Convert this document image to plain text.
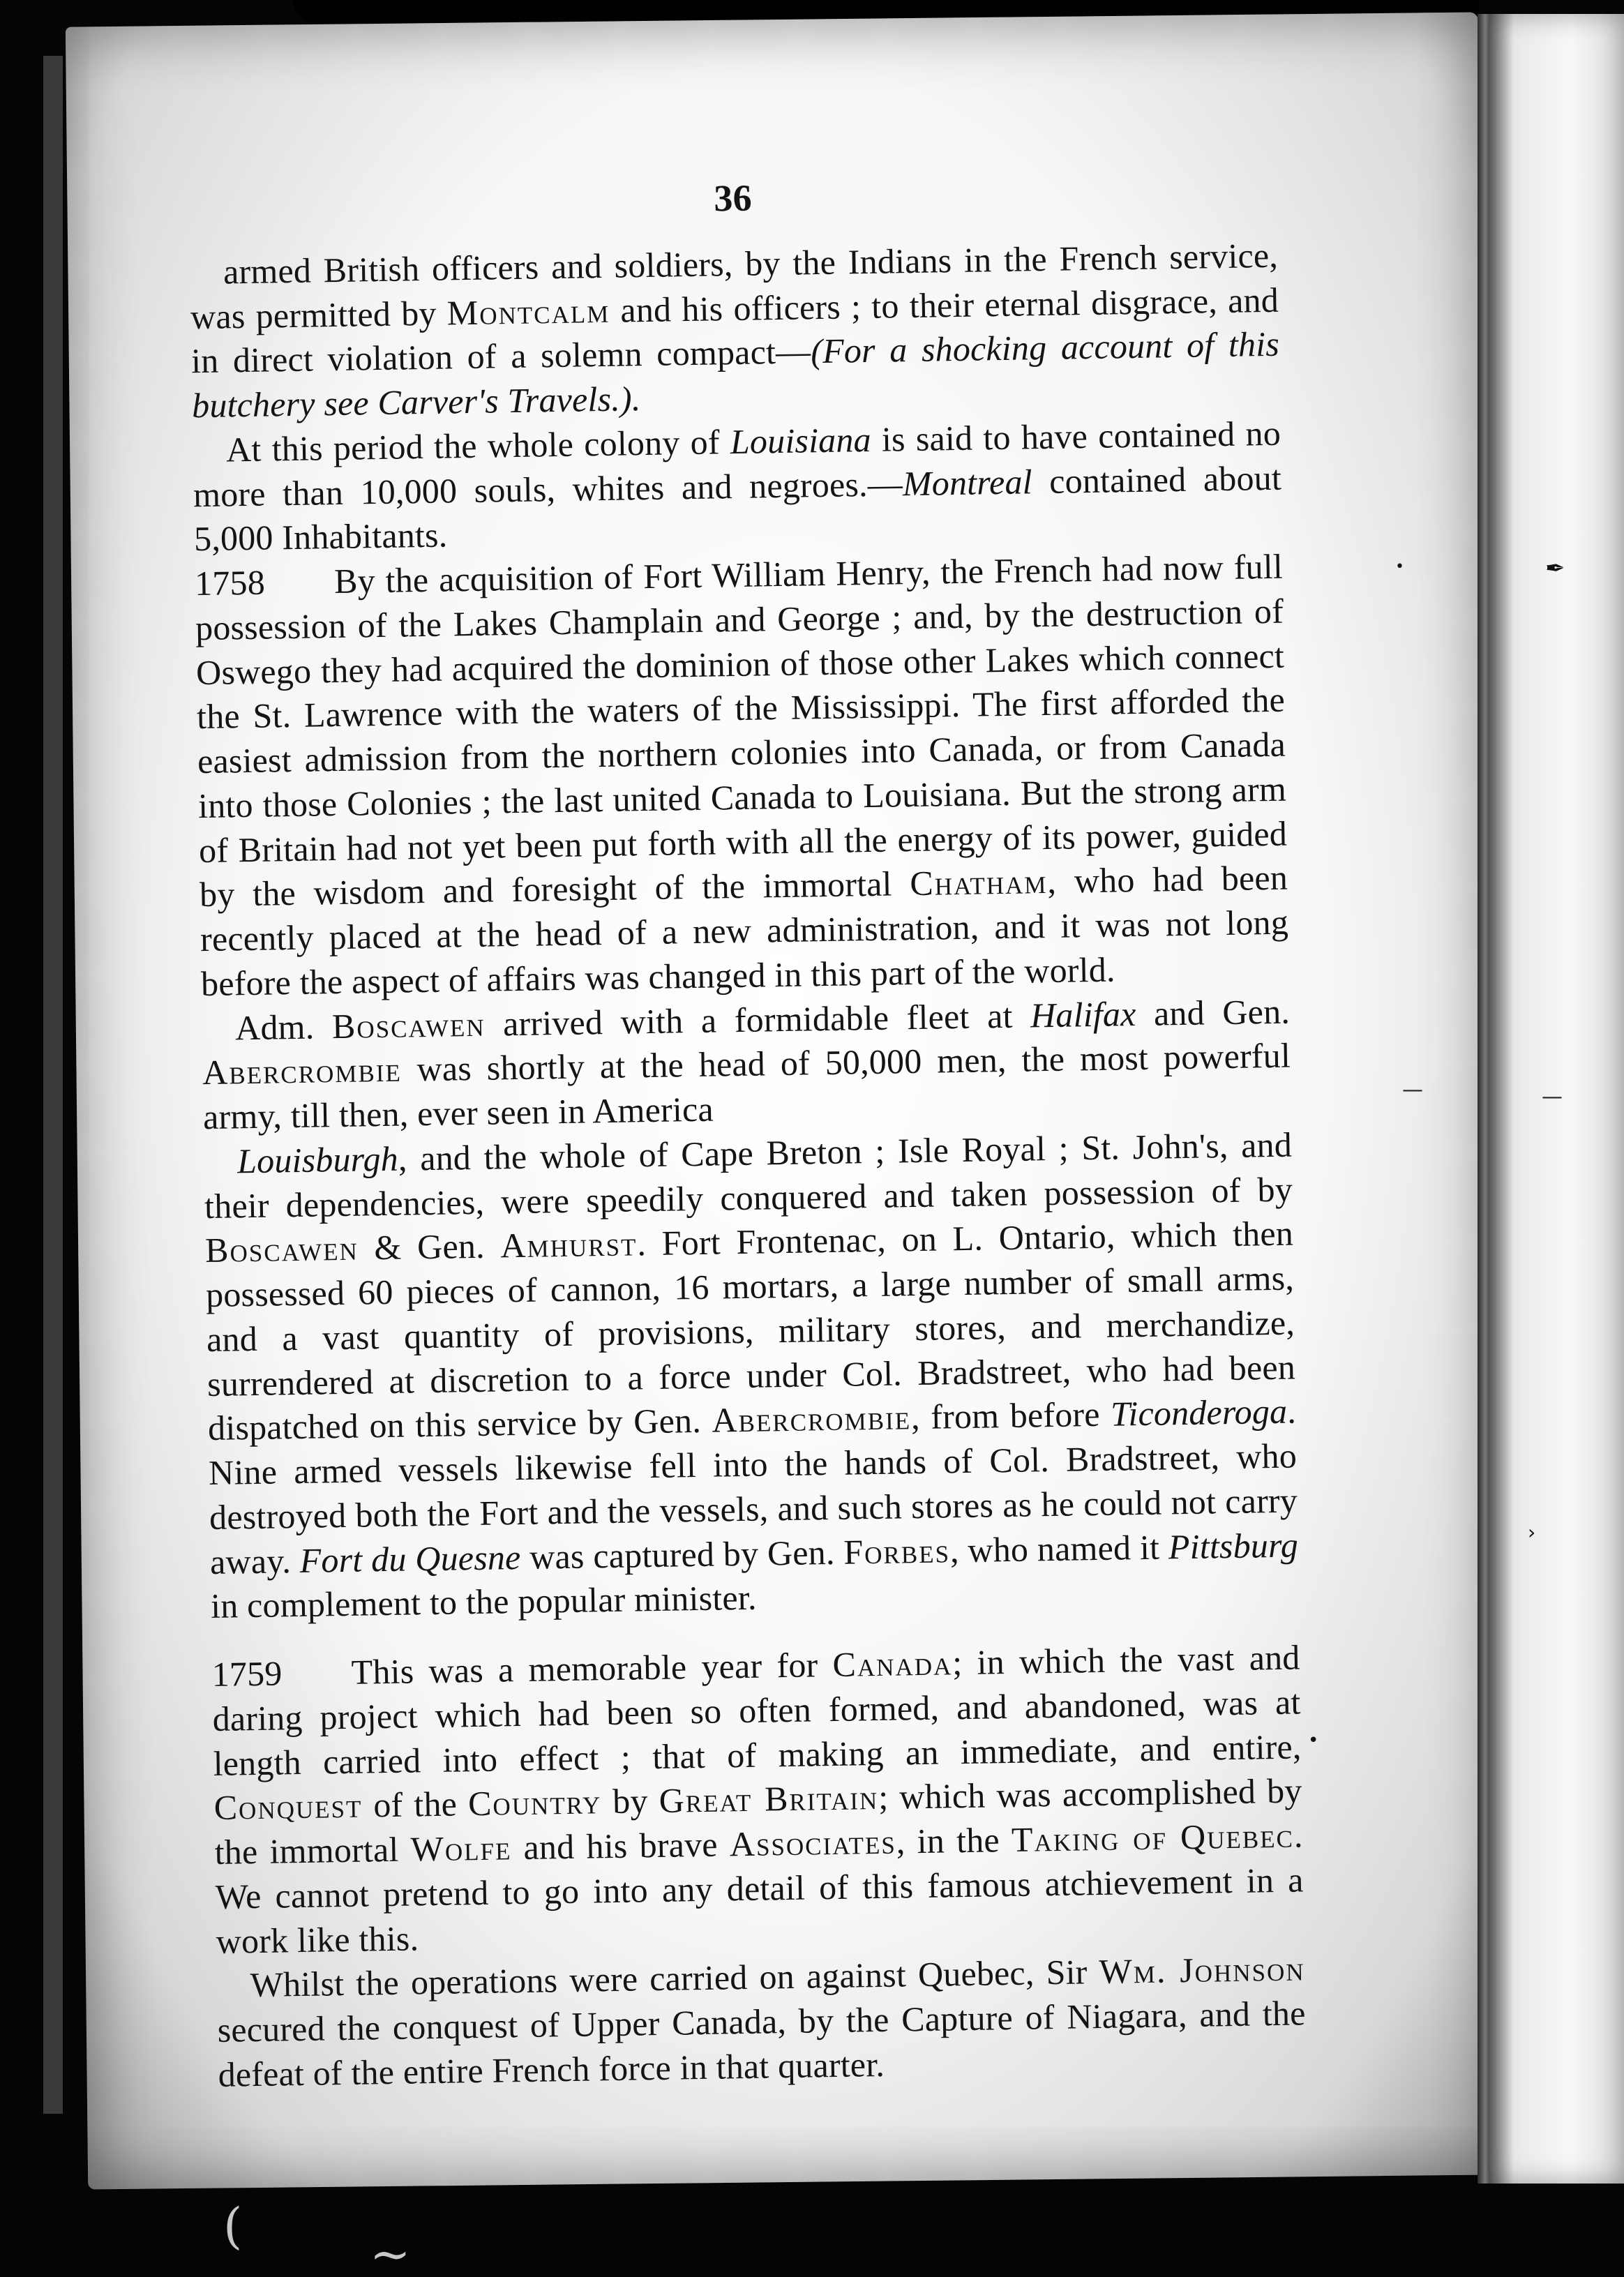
✒
•
—	—
›
•
(	~
36

armed British officers and soldiers, by the Indians in the French service, was permitted by Montcalm and his officers ; to their eternal disgrace, and in direct violation of a solemn compact—(For a shocking account of this butchery see Carver's Travels.).

At this period the whole colony of Louisiana is said to have contained no more than 10,000 souls, whites and negroes.—Montreal contained about 5,000 Inhabitants.

1758 By the acquisition of Fort William Henry, the French had now full possession of the Lakes Champlain and George ; and, by the destruction of Oswego they had acquired the dominion of those other Lakes which connect the St. Lawrence with the waters of the Mississippi. The first afforded the easiest admission from the northern colonies into Canada, or from Canada into those Colonies ; the last united Canada to Louisiana. But the strong arm of Britain had not yet been put forth with all the energy of its power, guided by the wisdom and foresight of the immortal Chatham, who had been recently placed at the head of a new administration, and it was not long before the aspect of affairs was changed in this part of the world.

Adm. Boscawen arrived with a formidable fleet at Halifax and Gen. Abercrombie was shortly at the head of 50,000 men, the most powerful army, till then, ever seen in America

Louisburgh, and the whole of Cape Breton ; Isle Royal ; St. John's, and their dependencies, were speedily conquered and taken possession of by Boscawen & Gen. Amhurst. Fort Frontenac, on L. Ontario, which then possessed 60 pieces of cannon, 16 mortars, a large number of small arms, and a vast quantity of provisions, military stores, and merchandize, surrendered at discretion to a force under Col. Bradstreet, who had been dispatched on this service by Gen. Abercrombie, from before Ticonderoga. Nine armed vessels likewise fell into the hands of Col. Bradstreet, who destroyed both the Fort and the vessels, and such stores as he could not carry away. Fort du Quesne was captured by Gen. Forbes, who named it Pittsburg in complement to the popular minister.

1759 This was a memorable year for Canada; in which the vast and daring project which had been so often formed, and abandoned, was at length carried into effect ; that of making an immediate, and entire, Conquest of the Country by Great Britain; which was accomplished by the immortal Wolfe and his brave Associates, in the Taking of Quebec. We cannot pretend to go into any detail of this famous atchievement in a work like this.

Whilst the operations were carried on against Quebec, Sir Wm. Johnson secured the conquest of Upper Canada, by the Capture of Niagara, and the defeat of the entire French force in that quarter.
